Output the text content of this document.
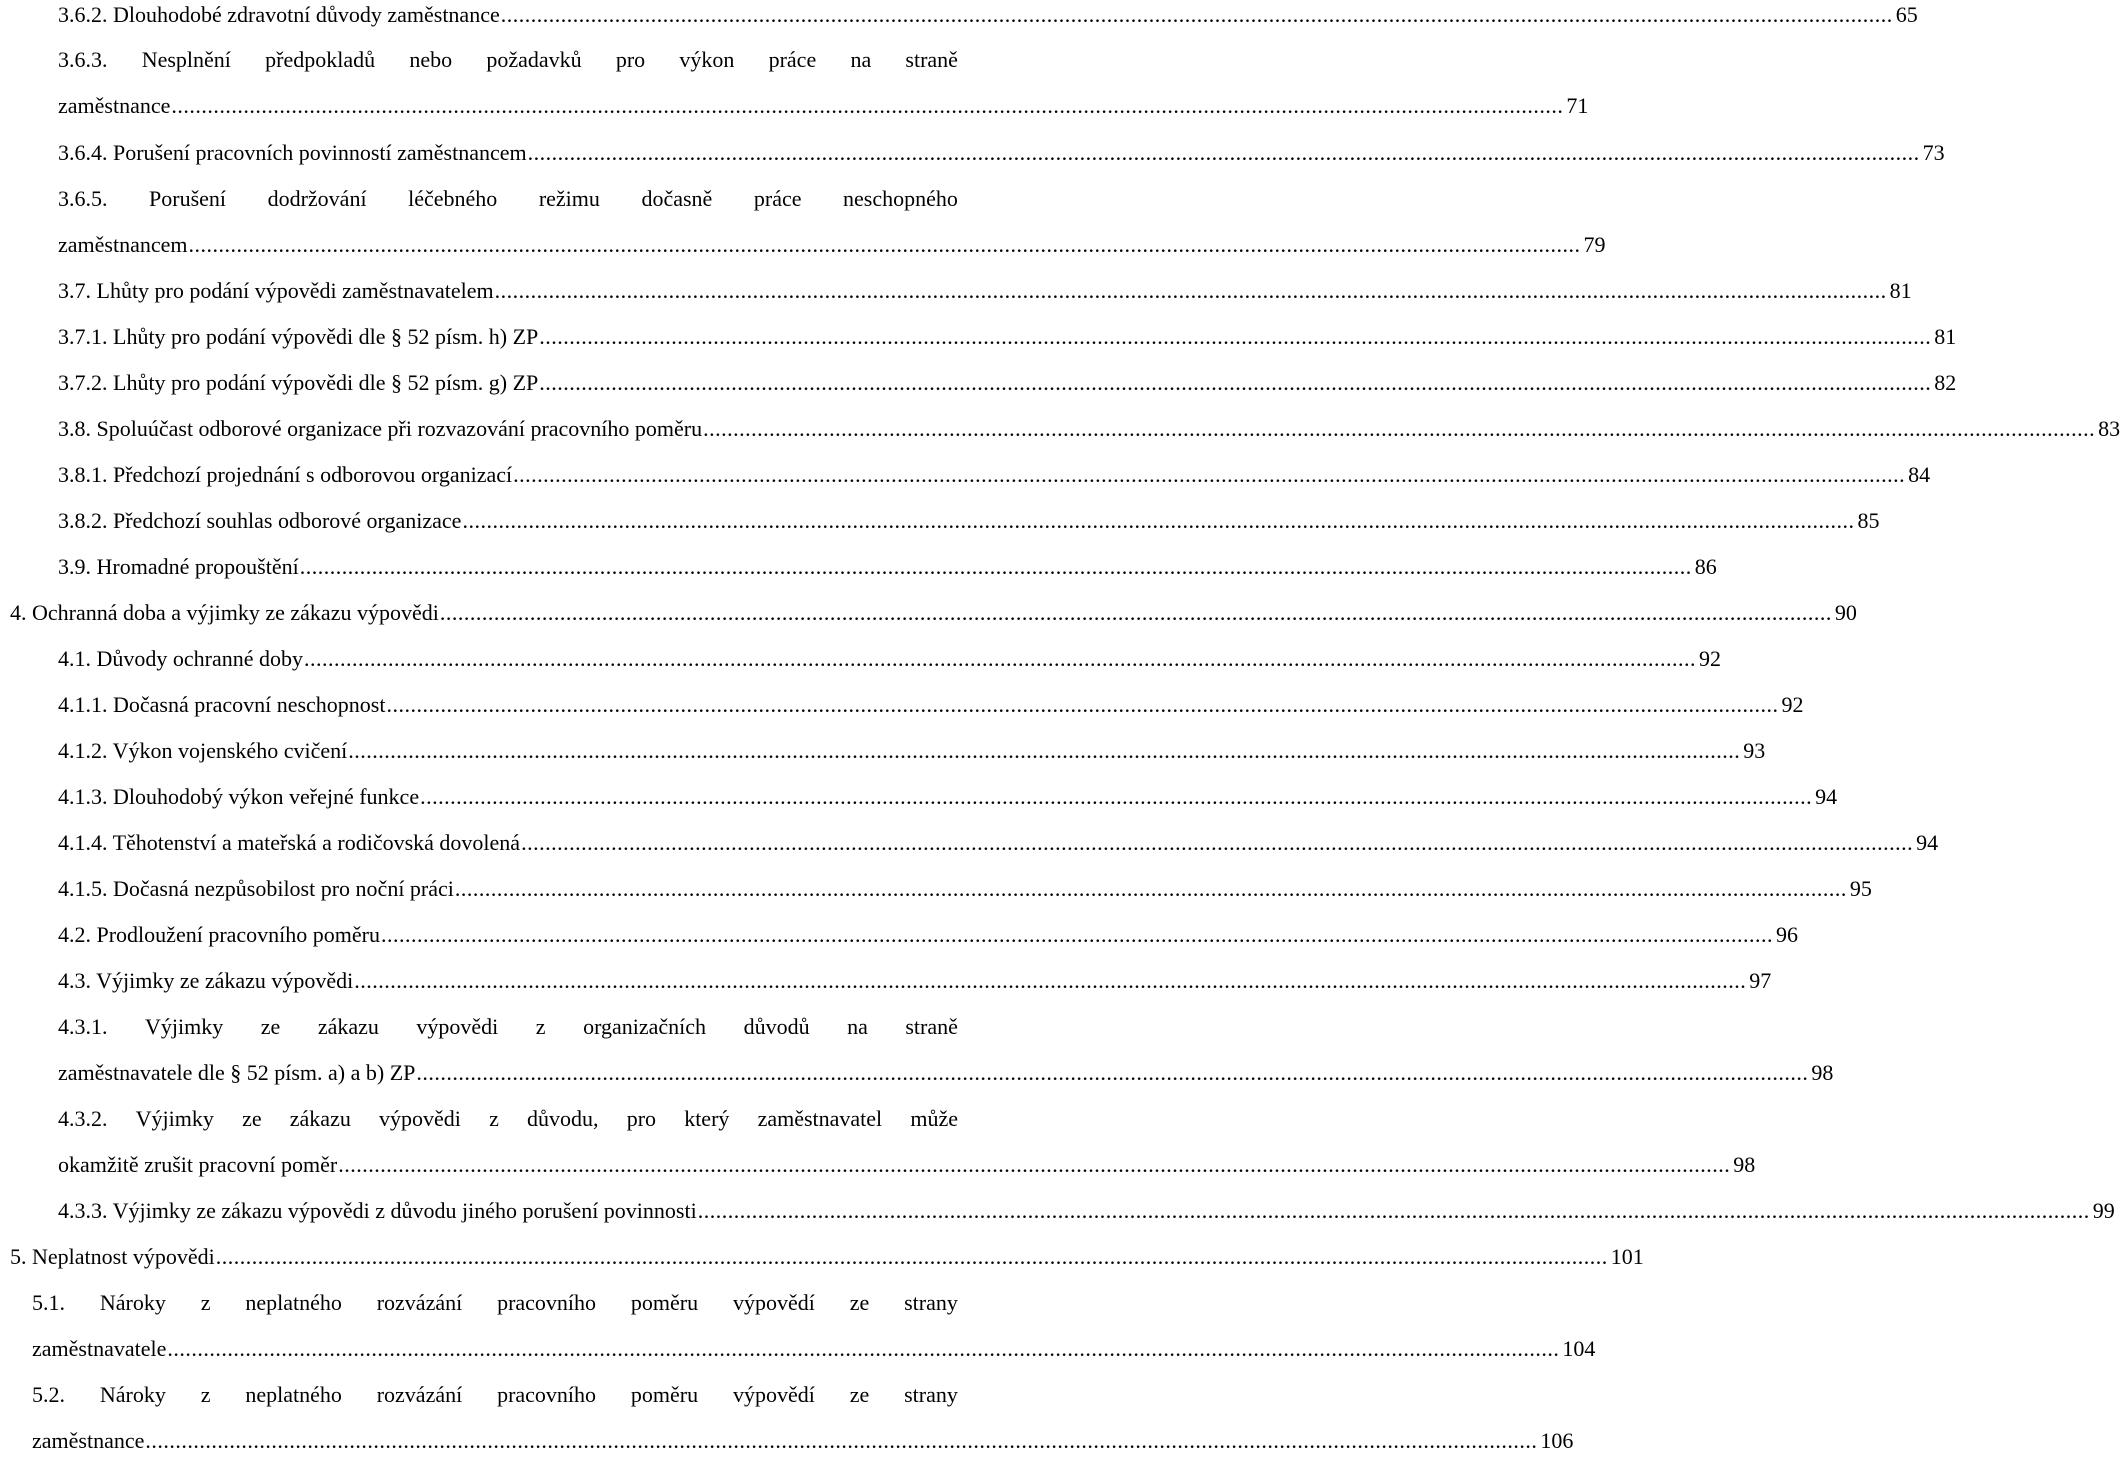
3.6.2. Dlouhodobé zdravotní důvody zaměstnance ........................................................................................................................................................................................................................................ 65
3.6.3. Nesplnění předpokladů nebo požadavků pro výkon práce na straně
zaměstnance ........................................................................................................................................................................................................................................ 71
3.6.4. Porušení pracovních povinností zaměstnancem ........................................................................................................................................................................................................................................ 73
3.6.5. Porušení dodržování léčebného režimu dočasně práce neschopného
zaměstnancem ........................................................................................................................................................................................................................................ 79
3.7. Lhůty pro podání výpovědi zaměstnavatelem ........................................................................................................................................................................................................................................ 81
3.7.1. Lhůty pro podání výpovědi dle § 52 písm. h) ZP ........................................................................................................................................................................................................................................ 81
3.7.2. Lhůty pro podání výpovědi dle § 52 písm. g) ZP ........................................................................................................................................................................................................................................ 82
3.8. Spoluúčast odborové organizace při rozvazování pracovního poměru ........................................................................................................................................................................................................................................ 83
3.8.1. Předchozí projednání s odborovou organizací ........................................................................................................................................................................................................................................ 84
3.8.2. Předchozí souhlas odborové organizace ........................................................................................................................................................................................................................................ 85
3.9. Hromadné propouštění ........................................................................................................................................................................................................................................ 86
4. Ochranná doba a výjimky ze zákazu výpovědi ........................................................................................................................................................................................................................................ 90
4.1. Důvody ochranné doby ........................................................................................................................................................................................................................................ 92
4.1.1. Dočasná pracovní neschopnost ........................................................................................................................................................................................................................................ 92
4.1.2. Výkon vojenského cvičení ........................................................................................................................................................................................................................................ 93
4.1.3. Dlouhodobý výkon veřejné funkce ........................................................................................................................................................................................................................................ 94
4.1.4. Těhotenství a mateřská a rodičovská dovolená ........................................................................................................................................................................................................................................ 94
4.1.5. Dočasná nezpůsobilost pro noční práci ........................................................................................................................................................................................................................................ 95
4.2. Prodloužení pracovního poměru ........................................................................................................................................................................................................................................ 96
4.3. Výjimky ze zákazu výpovědi ........................................................................................................................................................................................................................................ 97
4.3.1. Výjimky ze zákazu výpovědi z organizačních důvodů na straně
zaměstnavatele dle § 52 písm. a) a b) ZP ........................................................................................................................................................................................................................................ 98
4.3.2. Výjimky ze zákazu výpovědi z důvodu, pro který zaměstnavatel může
okamžitě zrušit pracovní poměr ........................................................................................................................................................................................................................................ 98
4.3.3. Výjimky ze zákazu výpovědi z důvodu jiného porušení povinnosti ........................................................................................................................................................................................................................................ 99
5. Neplatnost výpovědi ........................................................................................................................................................................................................................................ 101
5.1. Nároky z neplatného rozvázání pracovního poměru výpovědí ze strany
zaměstnavatele ........................................................................................................................................................................................................................................ 104
5.2. Nároky z neplatného rozvázání pracovního poměru výpovědí ze strany
zaměstnance ........................................................................................................................................................................................................................................ 106
